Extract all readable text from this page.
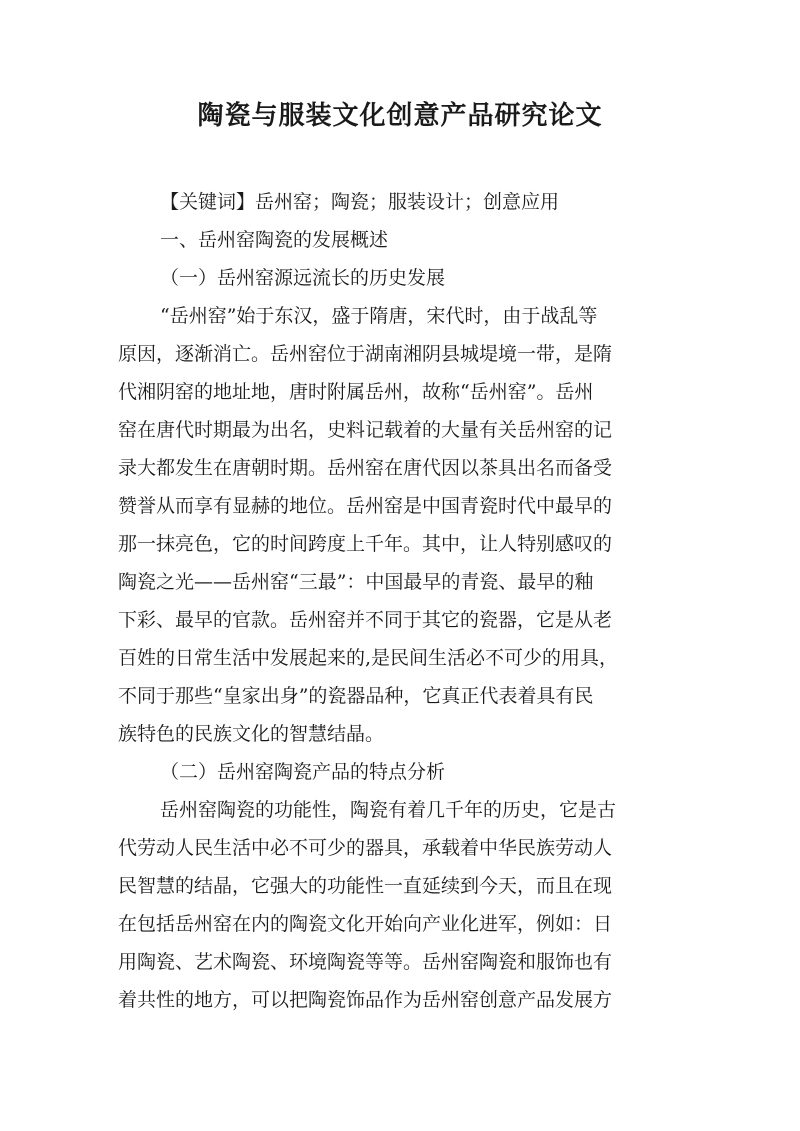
陶瓷与服装文化创意产品研究论文
【关键词】岳州窑；陶瓷；服装设计；创意应用
一、岳州窑陶瓷的发展概述
（一）岳州窑源远流长的历史发展
“岳州窑”始于东汉，盛于隋唐，宋代时，由于战乱等
原因，逐渐消亡。岳州窑位于湖南湘阴县城堤境一带，是隋
代湘阴窑的地址地，唐时附属岳州，故称“岳州窑”。岳州
窑在唐代时期最为出名，史料记载着的大量有关岳州窑的记
录大都发生在唐朝时期。岳州窑在唐代因以茶具出名而备受
赞誉从而享有显赫的地位。岳州窑是中国青瓷时代中最早的
那一抹亮色，它的时间跨度上千年。其中，让人特别感叹的
陶瓷之光——岳州窑“三最”：中国最早的青瓷、最早的釉
下彩、最早的官款。岳州窑并不同于其它的瓷器，它是从老
百姓的日常生活中发展起来的,是民间生活必不可少的用具，
不同于那些“皇家出身”的瓷器品种，它真正代表着具有民
族特色的民族文化的智慧结晶。
（二）岳州窑陶瓷产品的特点分析
岳州窑陶瓷的功能性，陶瓷有着几千年的历史，它是古
代劳动人民生活中必不可少的器具，承载着中华民族劳动人
民智慧的结晶，它强大的功能性一直延续到今天，而且在现
在包括岳州窑在内的陶瓷文化开始向产业化进军，例如：日
用陶瓷、艺术陶瓷、环境陶瓷等等。岳州窑陶瓷和服饰也有
着共性的地方，可以把陶瓷饰品作为岳州窑创意产品发展方
